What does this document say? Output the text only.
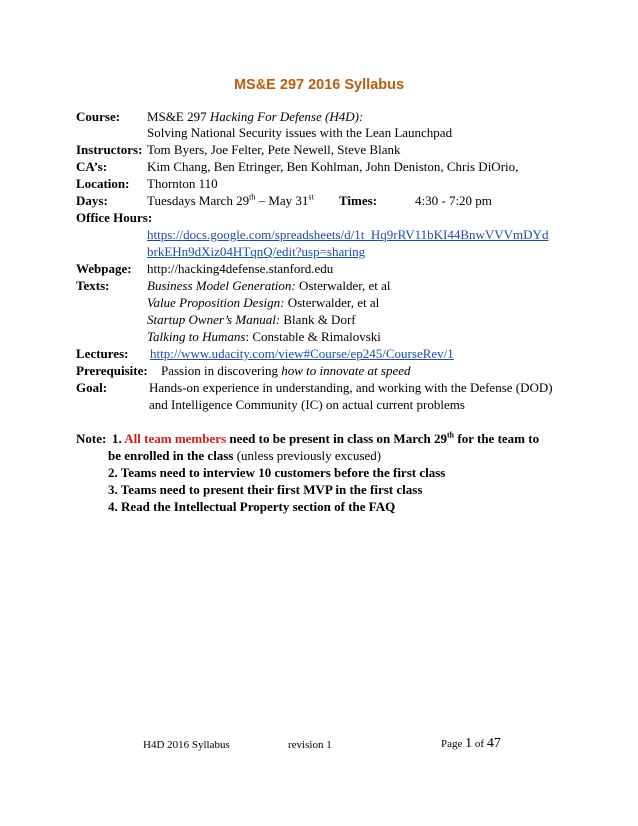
MS&E 297 2016 Syllabus
Course: MS&E 297 Hacking For Defense (H4D):
Solving National Security issues with the Lean Launchpad
Instructors: Tom Byers, Joe Felter, Pete Newell, Steve Blank
CA’s:	Kim Chang, Ben Etringer, Ben Kohlman, John Deniston, Chris DiOrio,
Location: Thornton 110
Days:	Tuesdays March 29th – May 31st Times:	4:30 - 7:20 pm
Office Hours:
https://docs.google.com/spreadsheets/d/1t_Hq9rRV11bKI44BnwVVVmDYd
brkEHn9dXiz04HTqnQ/edit?usp=sharing
Webpage: http://hacking4defense.stanford.edu
Texts:	Business Model Generation: Osterwalder, et al
Value Proposition Design: Osterwalder, et al
Startup Owner’s Manual: Blank & Dorf
Talking to Humans: Constable & Rimalovski
Lectures: http://www.udacity.com/view#Course/ep245/CourseRev/1
Prerequisite: Passion in discovering how to innovate at speed
Goal:	Hands-on experience in understanding, and working with the Defense (DOD)
and Intelligence Community (IC) on actual current problems
Note: 1. All team members need to be present in class on March 29th for the team to
be enrolled in the class (unless previously excused)
2. Teams need to interview 10 customers before the first class
3. Teams need to present their first MVP in the first class
4. Read the Intellectual Property section of the FAQ
H4D 2016 Syllabus	revision 1	Page 1 of 47
